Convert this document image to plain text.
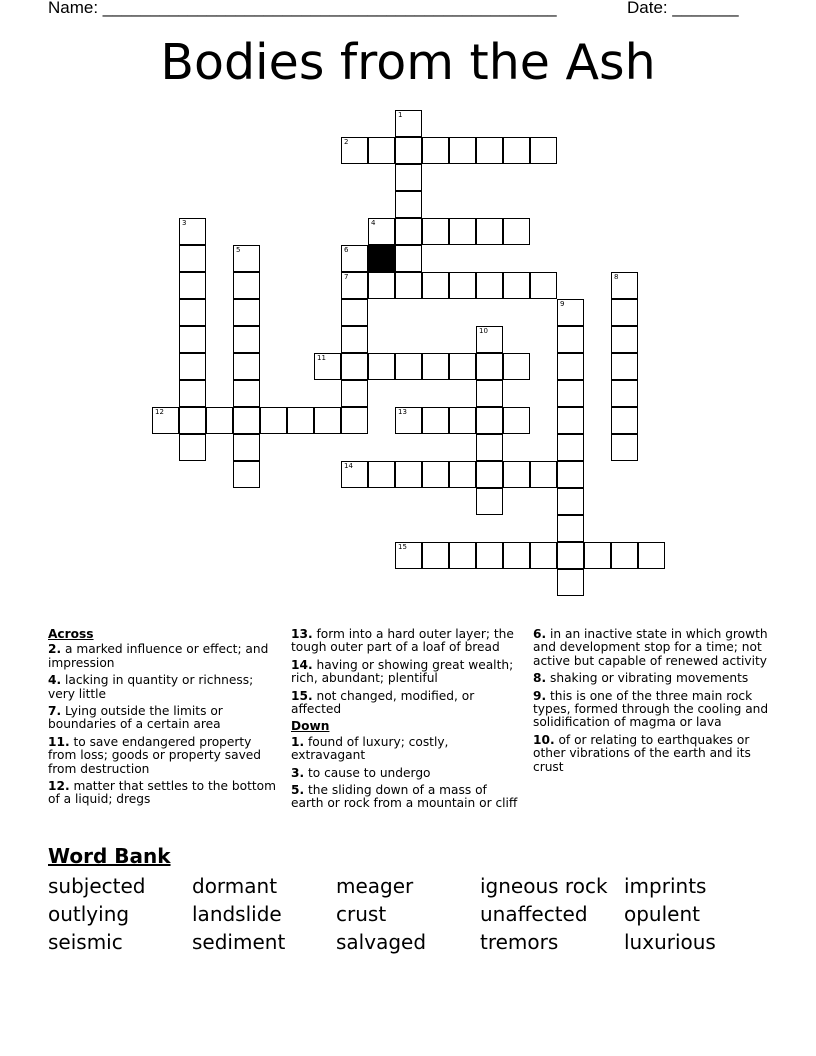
Name: ________________________________________________	Date: _______
Bodies from the Ash
1
2
4
6
7
3
5
11
10
12	13
9
8
14
15
Across
2. a marked influence or effect; and impression
4. lacking in quantity or richness; very little
7. Lying outside the limits or boundaries of a certain area
11. to save endangered property from loss; goods or property saved from destruction
12. matter that settles to the bottom of a liquid; dregs
13. form into a hard outer layer; the tough outer part of a loaf of bread
14. having or showing great wealth; rich, abundant; plentiful
15. not changed, modified, or affected
Down
1. found of luxury; costly, extravagant
3. to cause to undergo
5. the sliding down of a mass of earth or rock from a mountain or cliff
6. in an inactive state in which growth and development stop for a time; not active but capable of renewed activity
8. shaking or vibrating movements
9. this is one of the three main rock types, formed through the cooling and solidification of magma or lava
10. of or relating to earthquakes or other vibrations of the earth and its crust
Word Bank
subjected dormant	meager	igneous rock imprints
outlying	landslide	crust	unaffected opulent
seismic	sediment	salvaged	tremors	luxurious
